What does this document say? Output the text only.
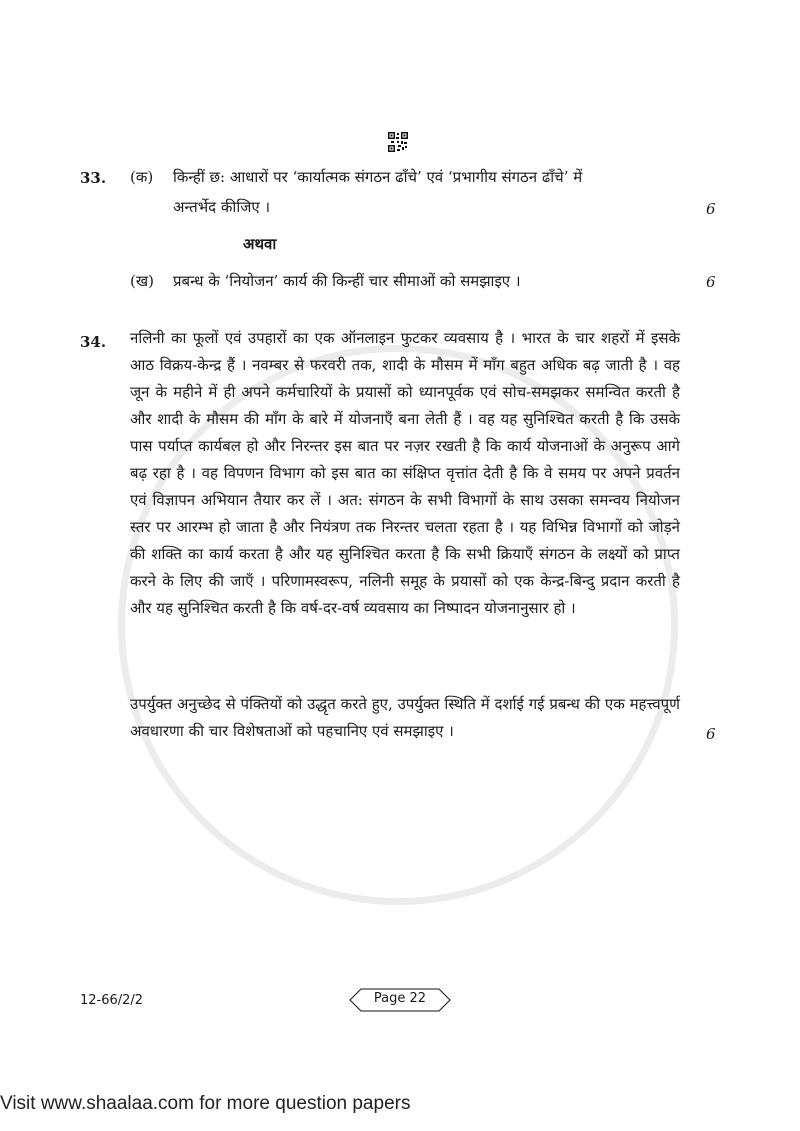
33. (क) किन्हीं छ: आधारों पर ‘कार्यात्मक संगठन ढाँचे’ एवं ‘प्रभागीय संगठन ढाँचे’ में
अन्तर्भेद कीजिए ।	6
अथवा
(ख) प्रबन्ध के ‘नियोजन’ कार्य की किन्हीं चार सीमाओं को समझाइए ।	6
34. नलिनी का फूलों एवं उपहारों का एक ऑनलाइन फुटकर व्यवसाय है । भारत के चार शहरों में इसके आठ विक्रय-केन्द्र हैं । नवम्बर से फरवरी तक, शादी के मौसम में माँग बहुत अधिक बढ़ जाती है । वह जून के महीने में ही अपने कर्मचारियों के प्रयासों को ध्यानपूर्वक एवं सोच-समझकर समन्वित करती है और शादी के मौसम की माँग के बारे में योजनाएँ बना लेती हैं । वह यह सुनिश्चित करती है कि उसके पास पर्याप्त कार्यबल हो और निरन्तर इस बात पर नज़र रखती है कि कार्य योजनाओं के अनुरूप आगे बढ़ रहा है । वह विपणन विभाग को इस बात का संक्षिप्त वृत्तांत देती है कि वे समय पर अपने प्रवर्तन एवं विज्ञापन अभियान तैयार कर लें । अत: संगठन के सभी विभागों के साथ उसका समन्वय नियोजन स्तर पर आरम्भ हो जाता है और नियंत्रण तक निरन्तर चलता रहता है । यह विभिन्न विभागों को जोड़ने की शक्ति का कार्य करता है और यह सुनिश्चित करता है कि सभी क्रियाएँ संगठन के लक्ष्यों को प्राप्त करने के लिए की जाएँ । परिणामस्वरूप, नलिनी समूह के प्रयासों को एक केन्द्र-बिन्दु प्रदान करती है और यह सुनिश्चित करती है कि वर्ष-दर-वर्ष व्यवसाय का निष्पादन योजनानुसार हो ।
उपर्युक्त अनुच्छेद से पंक्तियों को उद्धृत करते हुए, उपर्युक्त स्थिति में दर्शाई गई प्रबन्ध की एक महत्त्वपूर्ण अवधारणा की चार विशेषताओं को पहचानिए एवं समझाइए ।	6
12-66/2/2	Page 22
Visit www.shaalaa.com for more question papers
